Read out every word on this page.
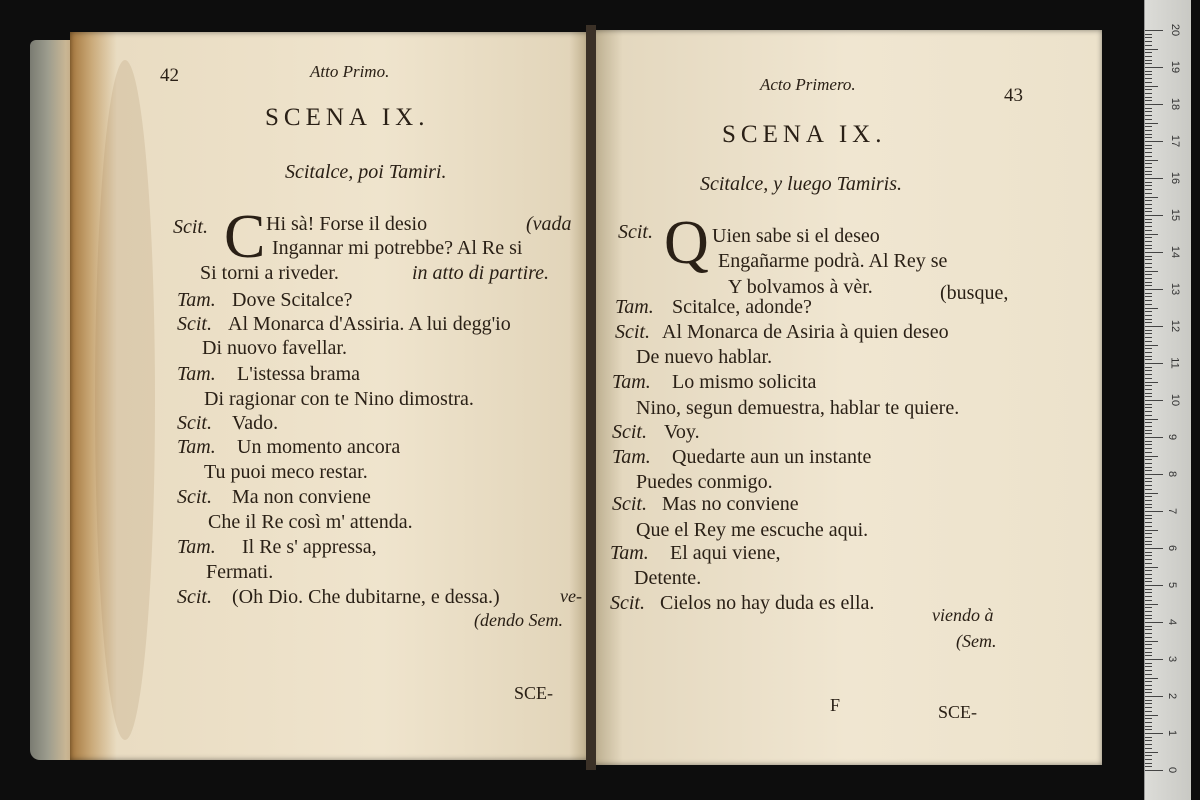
42	Atto Primo.
SCENA IX.
Scitalce, poi Tamiri.
Scit. C Hi sà! Forse il desio	(vada
Ingannar mi potrebbe? Al Re si
Si torni a riveder.	in atto di partire.
Tam. Dove Scitalce?
Scit. Al Monarca d'Assiria. A lui degg'io
Di nuovo favellar.
Tam. L'istessa brama
Di ragionar con te Nino dimostra.
Scit. Vado.
Tam. Un momento ancora
Tu puoi meco restar.
Scit. Ma non conviene
Che il Re così m' attenda.
Tam. Il Re s' appressa,
Fermati.
Scit. (Oh Dio. Che dubitarne, e dessa.)	ve-
(dendo Sem.
SCE-
Acto Primero.
43
SCENA IX.
Scitalce, y luego Tamiris.
Scit. Q Uien sabe si el deseo
Engañarme podrà. Al Rey se
Y bolvamos à vèr.	(busque,
Tam. Scitalce, adonde?
Scit. Al Monarca de Asiria à quien deseo
De nuevo hablar.
Tam. Lo mismo solicita
Nino, segun demuestra, hablar te quiere.
Scit. Voy.
Tam. Quedarte aun un instante
Puedes conmigo.
Scit. Mas no conviene
Que el Rey me escuche aqui.
Tam. El aqui viene,
Detente.
Scit. Cielos no hay duda es ella.
viendo à
(Sem.
F	SCE-
20
19
18
17
16
15
14
13
12
11
10
9
8
7
6
5
4
3
2
1
0
